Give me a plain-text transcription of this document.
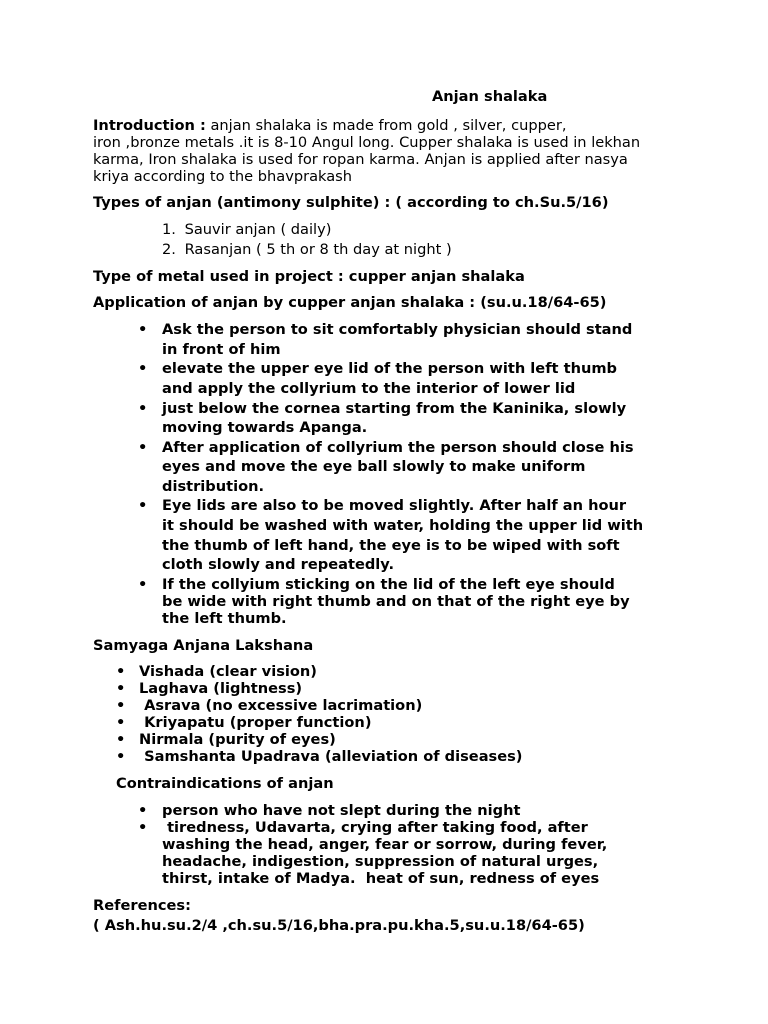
Anjan shalaka
Introduction : anjan shalaka is made from gold , silver, cupper,
iron ,bronze metals .it is 8-10 Angul long. Cupper shalaka is used in lekhan
karma, Iron shalaka is used for ropan karma. Anjan is applied after nasya
kriya according to the bhavprakash
Types of anjan (antimony sulphite) : ( according to ch.Su.5/16)
1. Sauvir anjan ( daily)
2. Rasanjan ( 5 th or 8 th day at night )
Type of metal used in project : cupper anjan shalaka
Application of anjan by cupper anjan shalaka : (su.u.18/64-65)
• Ask the person to sit comfortably physician should stand
in front of him
• elevate the upper eye lid of the person with left thumb
and apply the collyrium to the interior of lower lid
• just below the cornea starting from the Kaninika, slowly
moving towards Apanga.
• After application of collyrium the person should close his
eyes and move the eye ball slowly to make uniform
distribution.
• Eye lids are also to be moved slightly. After half an hour
it should be washed with water, holding the upper lid with
the thumb of left hand, the eye is to be wiped with soft
cloth slowly and repeatedly.
• If the collyium sticking on the lid of the left eye should
be wide with right thumb and on that of the right eye by
the left thumb.
Samyaga Anjana Lakshana
• Vishada (clear vision)
• Laghava (lightness)
• Asrava (no excessive lacrimation)
• Kriyapatu (proper function)
• Nirmala (purity of eyes)
• Samshanta Upadrava (alleviation of diseases)
Contraindications of anjan
• person who have not slept during the night
• tiredness, Udavarta, crying after taking food, after
washing the head, anger, fear or sorrow, during fever,
headache, indigestion, suppression of natural urges,
thirst, intake of Madya.  heat of sun, redness of eyes
References:
( Ash.hu.su.2/4 ,ch.su.5/16,bha.pra.pu.kha.5,su.u.18/64-65)
